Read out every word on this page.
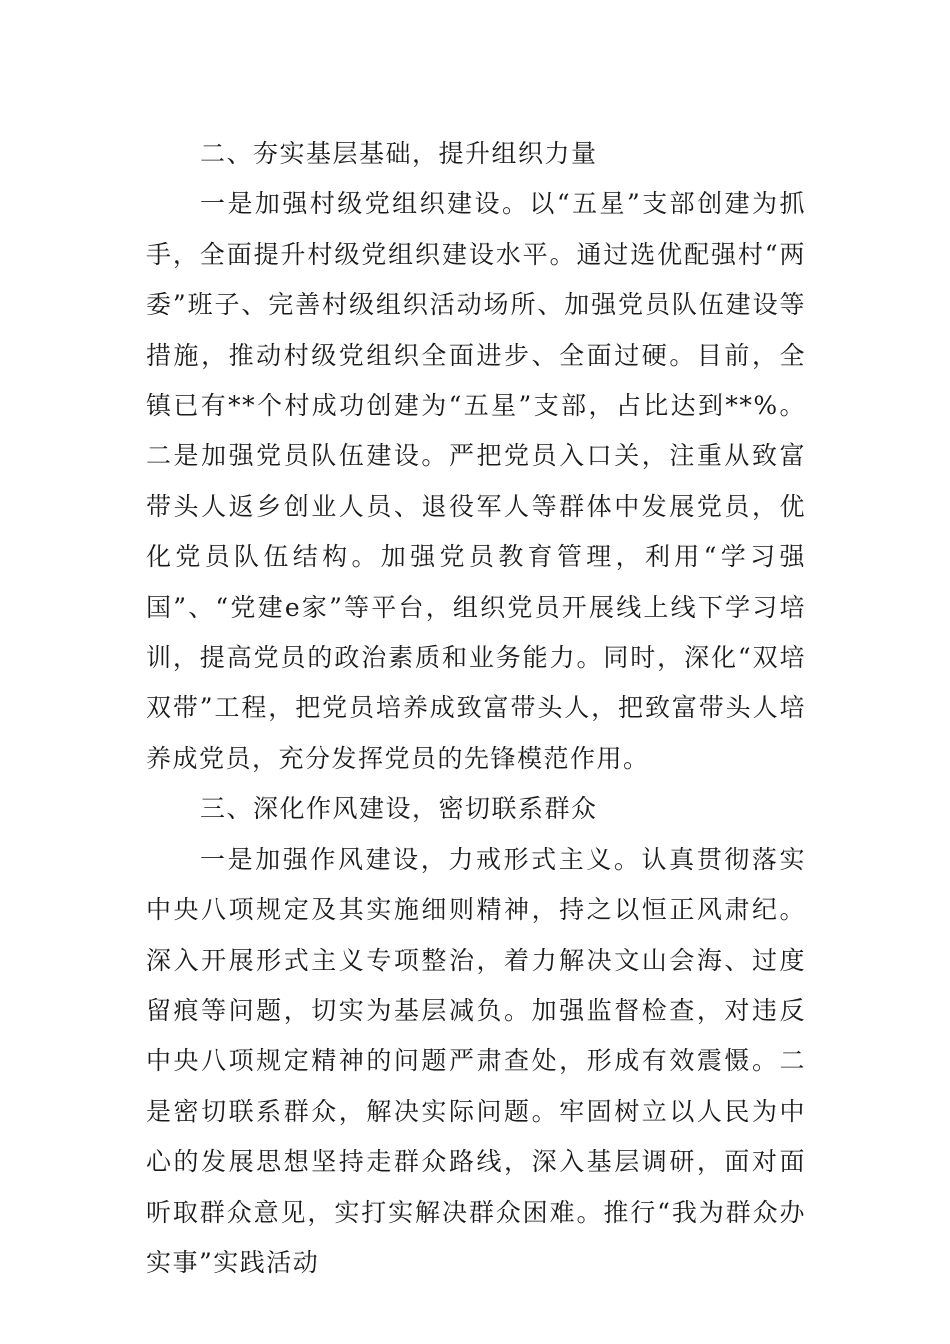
二、夯实基层基础，提升组织力量

一是加强村级党组织建设。以“五星”支部创建为抓手，全面提升村级党组织建设水平。通过选优配强村“两委”班子、完善村级组织活动场所、加强党员队伍建设等措施，推动村级党组织全面进步、全面过硬。目前，全镇已有**个村成功创建为“五星”支部，占比达到**%。二是加强党员队伍建设。严把党员入口关，注重从致富带头人返乡创业人员、退役军人等群体中发展党员，优化党员队伍结构。加强党员教育管理，利用“学习强国”、“党建e家”等平台，组织党员开展线上线下学习培训，提高党员的政治素质和业务能力。同时，深化“双培双带”工程，把党员培养成致富带头人，把致富带头人培养成党员，充分发挥党员的先锋模范作用。

三、深化作风建设，密切联系群众

一是加强作风建设，力戒形式主义。认真贯彻落实中央八项规定及其实施细则精神，持之以恒正风肃纪。深入开展形式主义专项整治，着力解决文山会海、过度留痕等问题，切实为基层减负。加强监督检查，对违反中央八项规定精神的问题严肃查处，形成有效震慑。二是密切联系群众，解决实际问题。牢固树立以人民为中心的发展思想坚持走群众路线，深入基层调研，面对面听取群众意见，实打实解决群众困难。推行“我为群众办实事”实践活动
